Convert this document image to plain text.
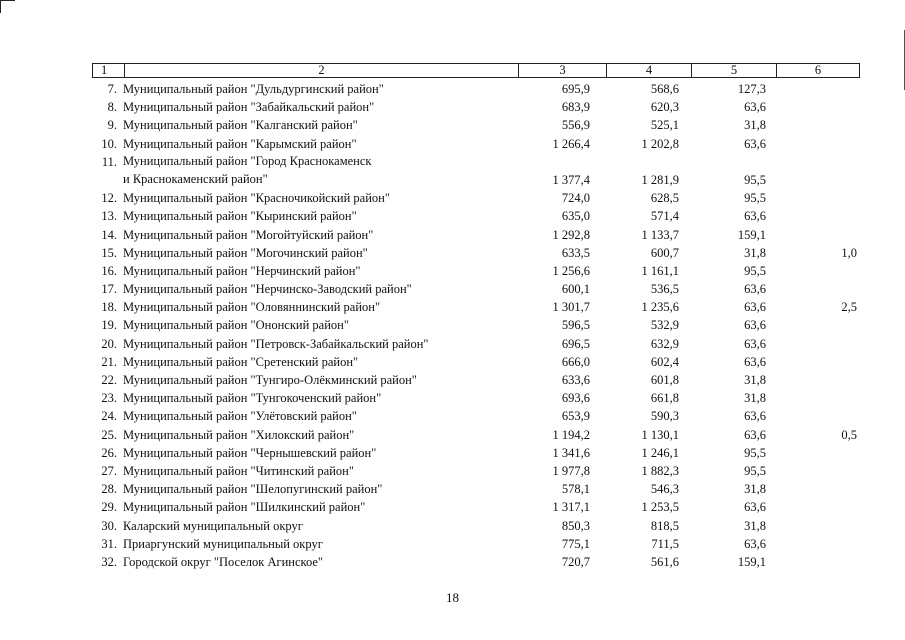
1	2	3	4	5	6
7. Муниципальный район "Дульдургинский район"	695,9	568,6	127,3
8. Муниципальный район "Забайкальский район"	683,9	620,3	63,6
9. Муниципальный район "Калганский район"	556,9	525,1	31,8
10. Муниципальный район "Карымский район"	1 266,4	1 202,8	63,6
11. Муниципальный район "Город Краснокаменск
и Краснокаменский район"	1 377,4	1 281,9	95,5
12. Муниципальный район "Красночикойский район"	724,0	628,5	95,5
13. Муниципальный район "Кыринский район"	635,0	571,4	63,6
14. Муниципальный район "Могойтуйский район"	1 292,8	1 133,7	159,1
15. Муниципальный район "Могочинский район"	633,5	600,7	31,8	1,0
16. Муниципальный район "Нерчинский район"	1 256,6	1 161,1	95,5
17. Муниципальный район "Нерчинско-Заводский район"	600,1	536,5	63,6
18. Муниципальный район "Оловяннинский район"	1 301,7	1 235,6	63,6	2,5
19. Муниципальный район "Ононский район"	596,5	532,9	63,6
20. Муниципальный район "Петровск-Забайкальский район"	696,5	632,9	63,6
21. Муниципальный район "Сретенский район"	666,0	602,4	63,6
22. Муниципальный район "Тунгиро-Олёкминский район"	633,6	601,8	31,8
23. Муниципальный район "Тунгокоченский район"	693,6	661,8	31,8
24. Муниципальный район "Улётовский район"	653,9	590,3	63,6
25. Муниципальный район "Хилокский район"	1 194,2	1 130,1	63,6	0,5
26. Муниципальный район "Чернышевский район"	1 341,6	1 246,1	95,5
27. Муниципальный район "Читинский район"	1 977,8	1 882,3	95,5
28. Муниципальный район "Шелопугинский район"	578,1	546,3	31,8
29. Муниципальный район "Шилкинский район"	1 317,1	1 253,5	63,6
30. Каларский муниципальный округ	850,3	818,5	31,8
31. Приаргунский муниципальный округ	775,1	711,5	63,6
32. Городской округ "Поселок Агинское"	720,7	561,6	159,1
18
